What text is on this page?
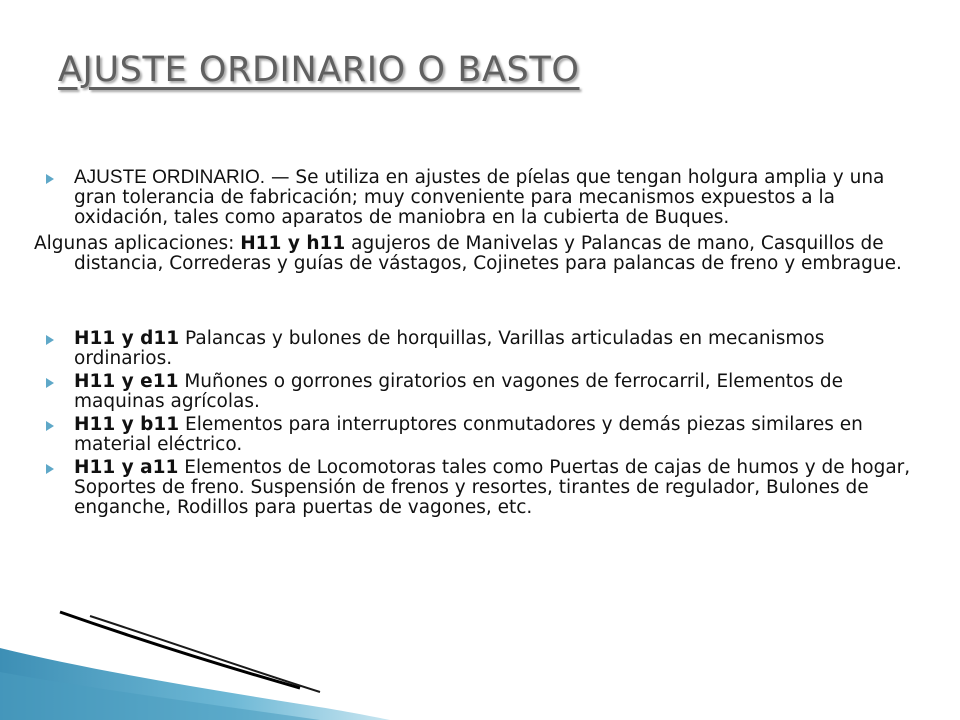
AJUSTE ORDINARIO O BASTO
AJUSTE ORDINARIO. — Se utiliza en ajustes de píelas que tengan holgura amplia y una gran tolerancia de fabricación; muy conveniente para mecanismos expuestos a la oxidación, tales como aparatos de maniobra en la cubierta de Buques.

Algunas aplicaciones: H11 y h11 agujeros de Manivelas y Palancas de mano, Casquillos de distancia, Correderas y guías de vástagos, Cojinetes para palancas de freno y embrague.

H11 y d11 Palancas y bulones de horquillas, Varillas articuladas en mecanismos ordinarios.
H11 y e11 Muñones o gorrones giratorios en vagones de ferrocarril, Elementos de maquinas agrícolas.
H11 y b11 Elementos para interruptores conmutadores y demás piezas similares en material eléctrico.
H11 y a11 Elementos de Locomotoras tales como Puertas de cajas de humos y de hogar, Soportes de freno. Suspensión de frenos y resortes, tirantes de regulador, Bulones de enganche, Rodillos para puertas de vagones, etc.
